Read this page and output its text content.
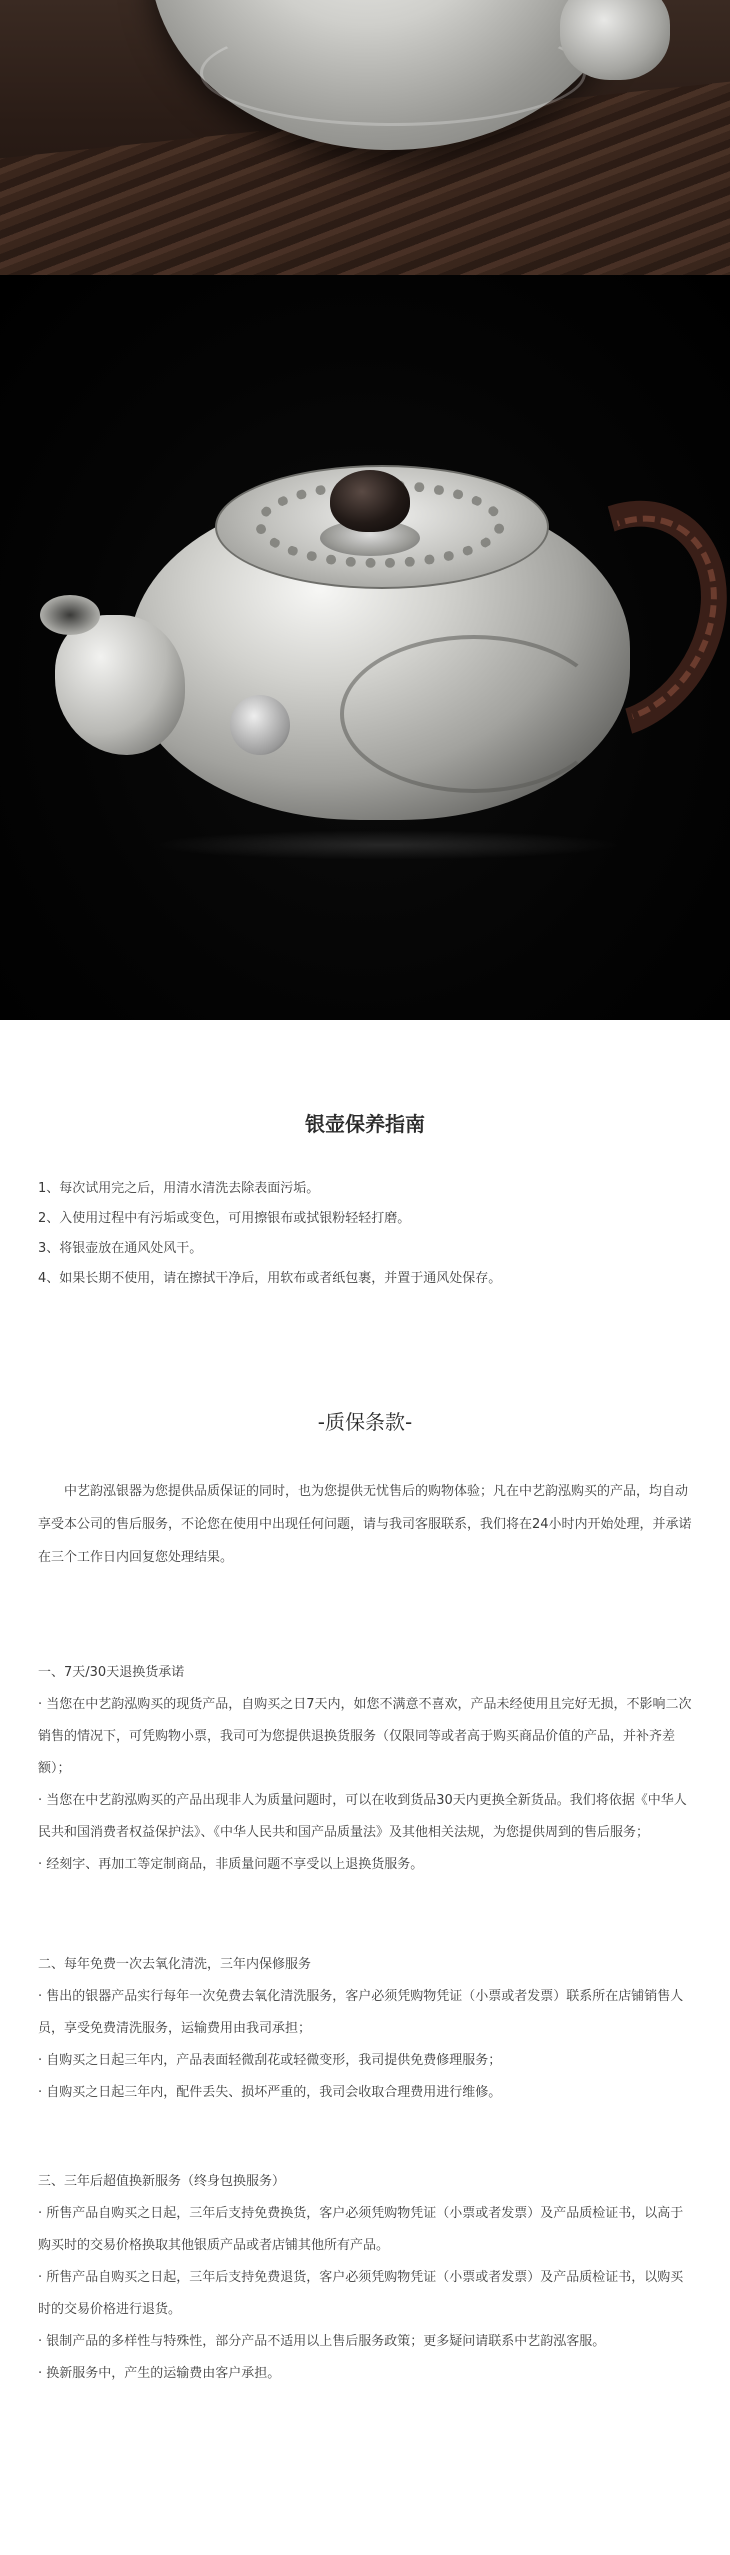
银壶保养指南

1、每次试用完之后，用清水清洗去除表面污垢。

2、入使用过程中有污垢或变色，可用擦银布或拭银粉轻轻打磨。

3、将银壶放在通风处风干。

4、如果长期不使用，请在擦拭干净后，用软布或者纸包裹，并置于通风处保存。

-质保条款-
中艺韵泓银器为您提供品质保证的同时，也为您提供无忧售后的购物体验；凡在中艺韵泓购买的产品，均自动享受本公司的售后服务，不论您在使用中出现任何问题，请与我司客服联系，我们将在24小时内开始处理，并承诺在三个工作日内回复您处理结果。

一、7天/30天退换货承诺

· 当您在中艺韵泓购买的现货产品，自购买之日7天内，如您不满意不喜欢，产品未经使用且完好无损，不影响二次销售的情况下，可凭购物小票，我司可为您提供退换货服务（仅限同等或者高于购买商品价值的产品，并补齐差额）；

· 当您在中艺韵泓购买的产品出现非人为质量问题时，可以在收到货品30天内更换全新货品。我们将依据《中华人民共和国消费者权益保护法》、《中华人民共和国产品质量法》及其他相关法规，为您提供周到的售后服务；

· 经刻字、再加工等定制商品，非质量问题不享受以上退换货服务。

二、每年免费一次去氧化清洗，三年内保修服务

· 售出的银器产品实行每年一次免费去氧化清洗服务，客户必须凭购物凭证（小票或者发票）联系所在店铺销售人员，享受免费清洗服务，运输费用由我司承担；

· 自购买之日起三年内，产品表面轻微刮花或轻微变形，我司提供免费修理服务；

· 自购买之日起三年内，配件丢失、损坏严重的，我司会收取合理费用进行维修。

三、三年后超值换新服务（终身包换服务）

· 所售产品自购买之日起，三年后支持免费换货，客户必须凭购物凭证（小票或者发票）及产品质检证书，以高于购买时的交易价格换取其他银质产品或者店铺其他所有产品。

· 所售产品自购买之日起，三年后支持免费退货，客户必须凭购物凭证（小票或者发票）及产品质检证书，以购买时的交易价格进行退货。

· 银制产品的多样性与特殊性，部分产品不适用以上售后服务政策；更多疑问请联系中艺韵泓客服。

· 换新服务中，产生的运输费由客户承担。
